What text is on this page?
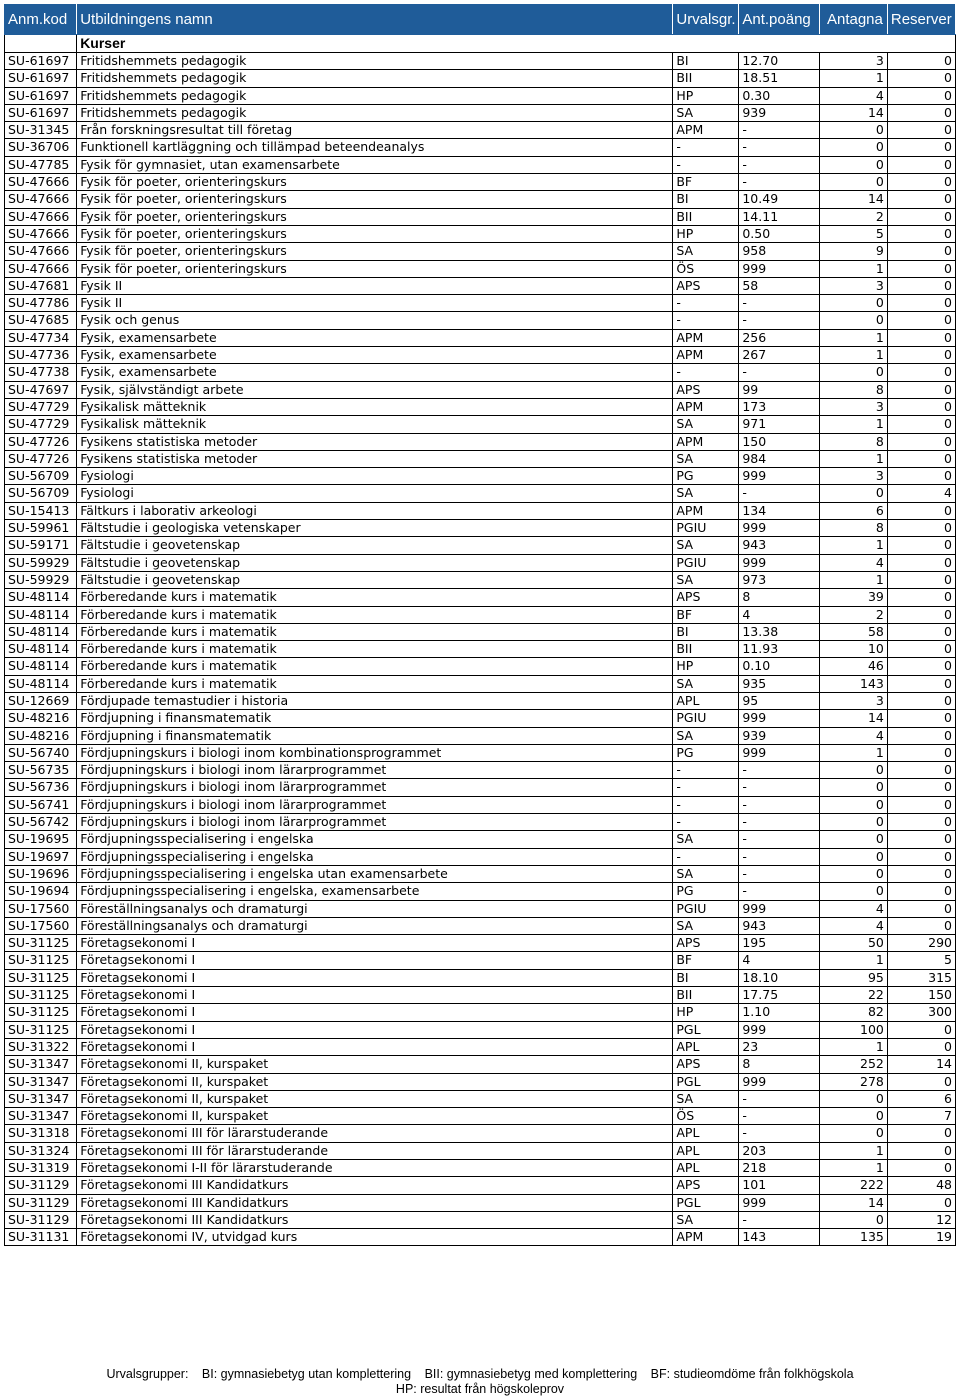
Anm.kod	Utbildningens namn	Urvalsgr.	Ant.poäng	Antagna	Reserver
	Kurser				
SU-61697	Fritidshemmets pedagogik	BI	12.70	3	0
SU-61697	Fritidshemmets pedagogik	BII	18.51	1	0
SU-61697	Fritidshemmets pedagogik	HP	0.30	4	0
SU-61697	Fritidshemmets pedagogik	SA	939	14	0
SU-31345	Från forskningsresultat till företag	APM	-	0	0
SU-36706	Funktionell kartläggning och tillämpad beteendeanalys	-	-	0	0
SU-47785	Fysik för gymnasiet, utan examensarbete	-	-	0	0
SU-47666	Fysik för poeter, orienteringskurs	BF	-	0	0
SU-47666	Fysik för poeter, orienteringskurs	BI	10.49	14	0
SU-47666	Fysik för poeter, orienteringskurs	BII	14.11	2	0
SU-47666	Fysik för poeter, orienteringskurs	HP	0.50	5	0
SU-47666	Fysik för poeter, orienteringskurs	SA	958	9	0
SU-47666	Fysik för poeter, orienteringskurs	ÖS	999	1	0
SU-47681	Fysik II	APS	58	3	0
SU-47786	Fysik II	-	-	0	0
SU-47685	Fysik och genus	-	-	0	0
SU-47734	Fysik, examensarbete	APM	256	1	0
SU-47736	Fysik, examensarbete	APM	267	1	0
SU-47738	Fysik, examensarbete	-	-	0	0
SU-47697	Fysik, självständigt arbete	APS	99	8	0
SU-47729	Fysikalisk mätteknik	APM	173	3	0
SU-47729	Fysikalisk mätteknik	SA	971	1	0
SU-47726	Fysikens statistiska metoder	APM	150	8	0
SU-47726	Fysikens statistiska metoder	SA	984	1	0
SU-56709	Fysiologi	PG	999	3	0
SU-56709	Fysiologi	SA	-	0	4
SU-15413	Fältkurs i laborativ arkeologi	APM	134	6	0
SU-59961	Fältstudie i geologiska vetenskaper	PGIU	999	8	0
SU-59171	Fältstudie i geovetenskap	SA	943	1	0
SU-59929	Fältstudie i geovetenskap	PGIU	999	4	0
SU-59929	Fältstudie i geovetenskap	SA	973	1	0
SU-48114	Förberedande kurs i matematik	APS	8	39	0
SU-48114	Förberedande kurs i matematik	BF	4	2	0
SU-48114	Förberedande kurs i matematik	BI	13.38	58	0
SU-48114	Förberedande kurs i matematik	BII	11.93	10	0
SU-48114	Förberedande kurs i matematik	HP	0.10	46	0
SU-48114	Förberedande kurs i matematik	SA	935	143	0
SU-12669	Fördjupade temastudier i historia	APL	95	3	0
SU-48216	Fördjupning i finansmatematik	PGIU	999	14	0
SU-48216	Fördjupning i finansmatematik	SA	939	4	0
SU-56740	Fördjupningskurs i biologi inom kombinationsprogrammet	PG	999	1	0
SU-56735	Fördjupningskurs i biologi inom lärarprogrammet	-	-	0	0
SU-56736	Fördjupningskurs i biologi inom lärarprogrammet	-	-	0	0
SU-56741	Fördjupningskurs i biologi inom lärarprogrammet	-	-	0	0
SU-56742	Fördjupningskurs i biologi inom lärarprogrammet	-	-	0	0
SU-19695	Fördjupningsspecialisering i engelska	SA	-	0	0
SU-19697	Fördjupningsspecialisering i engelska	-	-	0	0
SU-19696	Fördjupningsspecialisering i engelska utan examensarbete	SA	-	0	0
SU-19694	Fördjupningsspecialisering i engelska, examensarbete	PG	-	0	0
SU-17560	Föreställningsanalys och dramaturgi	PGIU	999	4	0
SU-17560	Föreställningsanalys och dramaturgi	SA	943	4	0
SU-31125	Företagsekonomi I	APS	195	50	290
SU-31125	Företagsekonomi I	BF	4	1	5
SU-31125	Företagsekonomi I	BI	18.10	95	315
SU-31125	Företagsekonomi I	BII	17.75	22	150
SU-31125	Företagsekonomi I	HP	1.10	82	300
SU-31125	Företagsekonomi I	PGL	999	100	0
SU-31322	Företagsekonomi I	APL	23	1	0
SU-31347	Företagsekonomi II, kurspaket	APS	8	252	14
SU-31347	Företagsekonomi II, kurspaket	PGL	999	278	0
SU-31347	Företagsekonomi II, kurspaket	SA	-	0	6
SU-31347	Företagsekonomi II, kurspaket	ÖS	-	0	7
SU-31318	Företagsekonomi III för lärarstuderande	APL	-	0	0
SU-31324	Företagsekonomi III för lärarstuderande	APL	203	1	0
SU-31319	Företagsekonomi I-II för lärarstuderande	APL	218	1	0
SU-31129	Företagsekonomi III Kandidatkurs	APS	101	222	48
SU-31129	Företagsekonomi III Kandidatkurs	PGL	999	14	0
SU-31129	Företagsekonomi III Kandidatkurs	SA	-	0	12
SU-31131	Företagsekonomi IV, utvidgad kurs	APM	143	135	19
Urvalsgrupper: BI: gymnasiebetyg utan komplettering BII: gymnasiebetyg med komplettering BF: studieomdöme från folkhögskola
HP: resultat från högskoleprov
